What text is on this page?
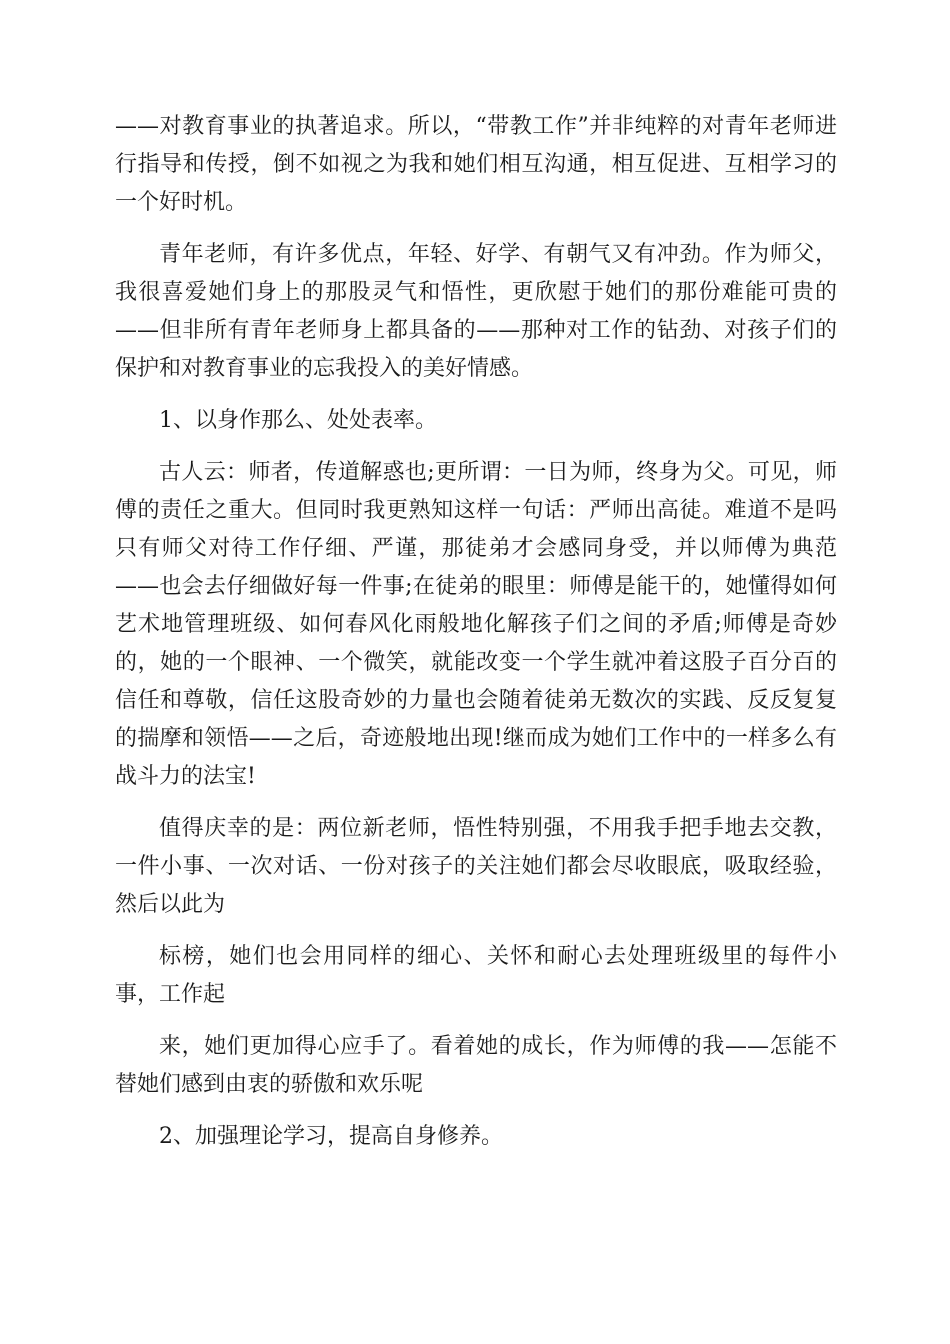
——对教育事业的执著追求。所以，“带教工作”并非纯粹的对青年老师进行指导和传授，倒不如视之为我和她们相互沟通，相互促进、互相学习的一个好时机。

青年老师，有许多优点，年轻、好学、有朝气又有冲劲。作为师父，我很喜爱她们身上的那股灵气和悟性，更欣慰于她们的那份难能可贵的——但非所有青年老师身上都具备的——那种对工作的钻劲、对孩子们的保护和对教育事业的忘我投入的美好情感。

1、以身作那么、处处表率。

古人云：师者，传道解惑也;更所谓：一日为师，终身为父。可见，师傅的责任之重大。但同时我更熟知这样一句话：严师出高徒。难道不是吗只有师父对待工作仔细、严谨，那徒弟才会感同身受，并以师傅为典范——也会去仔细做好每一件事;在徒弟的眼里：师傅是能干的，她懂得如何艺术地管理班级、如何春风化雨般地化解孩子们之间的矛盾;师傅是奇妙的，她的一个眼神、一个微笑，就能改变一个学生就冲着这股子百分百的信任和尊敬，信任这股奇妙的力量也会随着徒弟无数次的实践、反反复复的揣摩和领悟——之后，奇迹般地出现!继而成为她们工作中的一样多么有战斗力的法宝!

值得庆幸的是：两位新老师，悟性特别强，不用我手把手地去交教，一件小事、一次对话、一份对孩子的关注她们都会尽收眼底，吸取经验，然后以此为

标榜，她们也会用同样的细心、关怀和耐心去处理班级里的每件小事，工作起

来，她们更加得心应手了。看着她的成长，作为师傅的我——怎能不替她们感到由衷的骄傲和欢乐呢

2、加强理论学习，提高自身修养。
